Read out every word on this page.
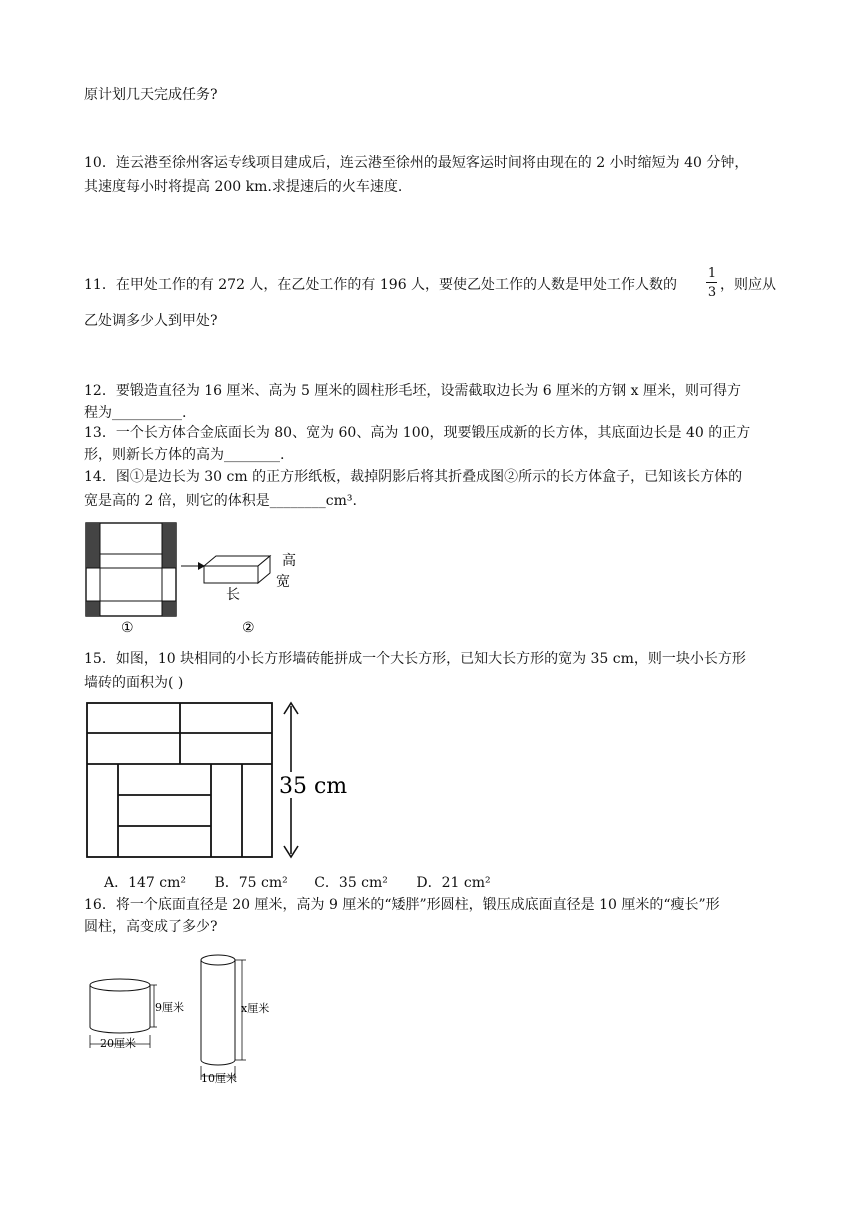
原计划几天完成任务?
10．连云港至徐州客运专线项目建成后，连云港至徐州的最短客运时间将由现在的 2 小时缩短为 40 分钟，
其速度每小时将提高 200 km.求提速后的火车速度.
11．在甲处工作的有 272 人，在乙处工作的有 196 人，要使乙处工作的人数是甲处工作人数的
1
3 ，则应从
乙处调多少人到甲处?
12．要锻造直径为 16 厘米、高为 5 厘米的圆柱形毛坯，设需截取边长为 6 厘米的方钢 x 厘米，则可得方
程为__________.
13．一个长方体合金底面长为 80、宽为 60、高为 100，现要锻压成新的长方体，其底面边长是 40 的正方
形，则新长方体的高为________.
14．图①是边长为 30 cm 的正方形纸板，裁掉阴影后将其折叠成图②所示的长方体盒子，已知该长方体的
宽是高的 2 倍，则它的体积是________cm³.
高
宽
长
①	②
15．如图，10 块相同的小长方形墙砖能拼成一个大长方形，已知大长方形的宽为 35 cm，则一块小长方形
墙砖的面积为( )
35 cm
A．147 cm² B．75 cm² C．35 cm² D．21 cm²
16．将一个底面直径是 20 厘米，高为 9 厘米的“矮胖”形圆柱，锻压成底面直径是 10 厘米的“瘦长”形
圆柱，高变成了多少?
9厘米
20厘米
x厘米
10厘米
